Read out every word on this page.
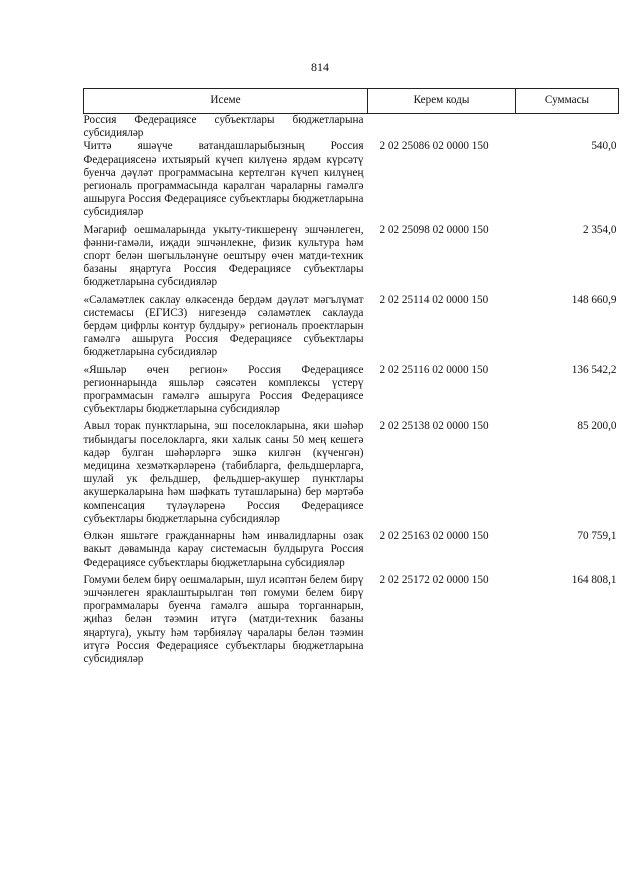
814
Исеме	Керем коды	Суммасы
Россия Федерациясе субъектлары бюджетларына субсидияләр		
Читтә яшәүче ватандашларыбызның Россия Федерациясенә ихтыярый күчеп килүенә ярдәм күрсәтү буенча дәүләт программасына кертелгән күчеп килүнең региональ программасында каралган чараларны гамәлгә ашыруга Россия Федерациясе субъектлары бюджетларына субсидияләр	2 02 25086 02 0000 150	540,0
Мәгариф оешмаларында укыту-тикшеренү эшчәнлеген, фәнни-гамәли, иҗади эшчәнлекне, физик культура һәм спорт белән шөгыльләнүне оештыру өчен матди-техник базаны яңартуга Россия Федерациясе субъектлары бюджетларына субсидияләр	2 02 25098 02 0000 150	2 354,0
«Сәламәтлек саклау өлкәсендә бердәм дәүләт мәгълүмат системасы (ЕГИСЗ) нигезендә сәламәтлек саклауда бердәм цифрлы контур булдыру» региональ проектларын гамәлгә ашыруга Россия Федерациясе субъектлары бюджетларына субсидияләр	2 02 25114 02 0000 150	148 660,9
«Яшьләр өчен регион» Россия Федерациясе регионнарында яшьләр сәясәтен комплексы үстерү программасын гамәлгә ашыруга Россия Федерациясе субъектлары бюджетларына субсидияләр	2 02 25116 02 0000 150	136 542,2
Авыл торак пунктларына, эш поселокларына, яки шәһәр тибындагы поселокларга, яки халык саны 50 мең кешегә кадәр булган шәһәрләргә эшкә килгән (күченгән) медицина хезмәткәрләренә (табибларга, фельдшерларга, шулай ук фельдшер, фельдшер-акушер пунктлары акушеркаларына һәм шәфкать туташларына) бер мәртәбә компенсация түләүләренә Россия Федерациясе субъектлары бюджетларына субсидияләр	2 02 25138 02 0000 150	85 200,0
Өлкән яшьтәге гражданнарны һәм инвалидларны озак вакыт дәвамында карау системасын булдыруга Россия Федерациясе субъектлары бюджетларына субсидияләр	2 02 25163 02 0000 150	70 759,1
Гомуми белем бирү оешмаларын, шул исәптән белем бирү эшчәнлеген яраклаштырылган төп гомуми белем бирү программалары буенча гамәлгә ашыра торганнарын, җиһаз белән тәэмин итүгә (матди-техник базаны яңартуга), укыту һәм тәрбияләү чаралары белән тәэмин итүгә Россия Федерациясе субъектлары бюджетларына субсидияләр	2 02 25172 02 0000 150	164 808,1
